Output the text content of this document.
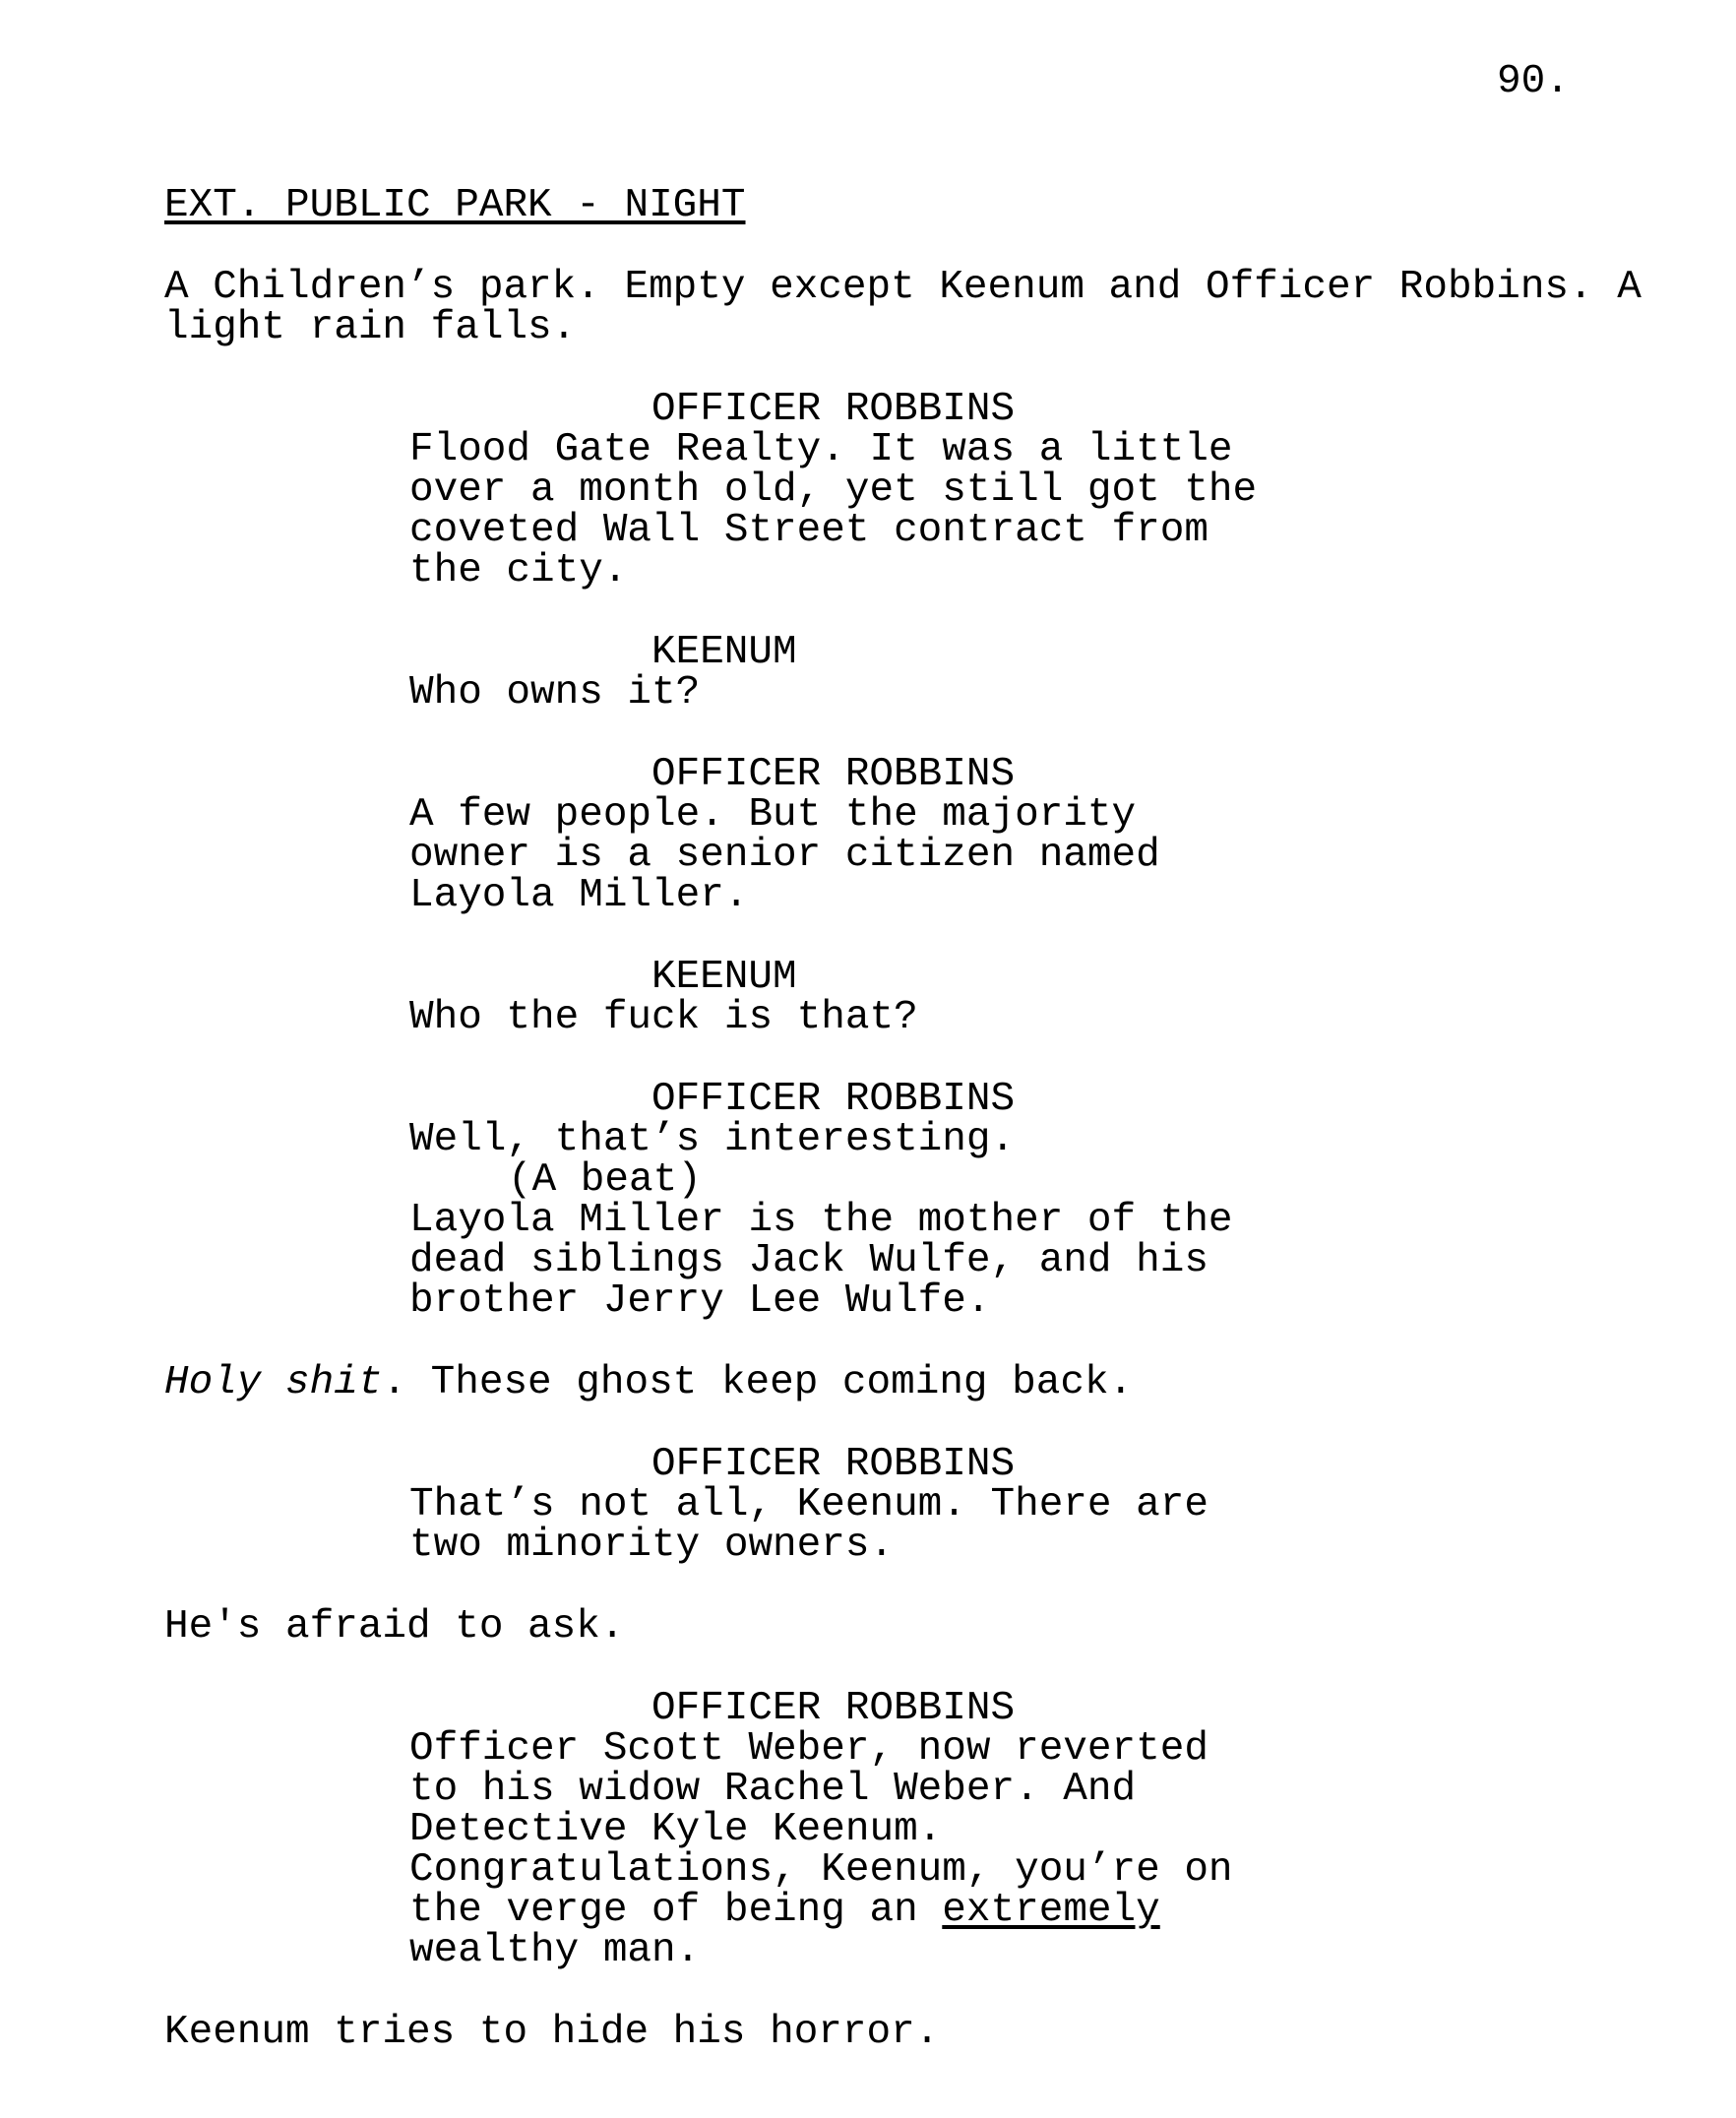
90.
EXT. PUBLIC PARK - NIGHT
A Children’s park. Empty except Keenum and Officer Robbins. A
light rain falls.
OFFICER ROBBINS
Flood Gate Realty. It was a little
over a month old, yet still got the
coveted Wall Street contract from
the city.
KEENUM
Who owns it?
OFFICER ROBBINS
A few people. But the majority
owner is a senior citizen named
Layola Miller.
KEENUM
Who the fuck is that?
OFFICER ROBBINS
Well, that’s interesting.
(A beat)
Layola Miller is the mother of the
dead siblings Jack Wulfe, and his
brother Jerry Lee Wulfe.
Holy shit. These ghost keep coming back.
OFFICER ROBBINS
That’s not all, Keenum. There are
two minority owners.
He's afraid to ask.
OFFICER ROBBINS
Officer Scott Weber, now reverted
to his widow Rachel Weber. And
Detective Kyle Keenum.
Congratulations, Keenum, you’re on
the verge of being an extremely
wealthy man.
Keenum tries to hide his horror.
